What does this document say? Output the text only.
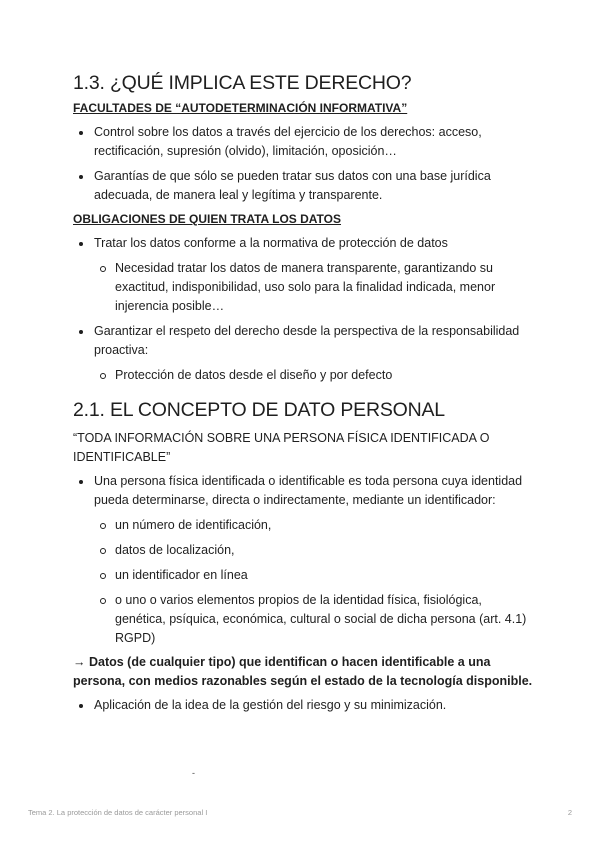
1.3. ¿QUÉ IMPLICA ESTE DERECHO?
FACULTADES DE “AUTODETERMINACIÓN INFORMATIVA”
Control sobre los datos a través del ejercicio de los derechos: acceso, rectificación, supresión (olvido), limitación, oposición…
Garantías de que sólo se pueden tratar sus datos con una base jurídica adecuada, de manera leal y legítima y transparente.
OBLIGACIONES DE QUIEN TRATA LOS DATOS
Tratar los datos conforme a la normativa de protección de datos
Necesidad tratar los datos de manera transparente, garantizando su exactitud, indisponibilidad, uso solo para la finalidad indicada, menor injerencia posible…
Garantizar el respeto del derecho desde la perspectiva de la responsabilidad proactiva:
Protección de datos desde el diseño y por defecto
2.1. EL CONCEPTO DE DATO PERSONAL

“TODA INFORMACIÓN SOBRE UNA PERSONA FÍSICA IDENTIFICADA O IDENTIFICABLE”

Una persona física identificada o identificable es toda persona cuya identidad pueda determinarse, directa o indirectamente, mediante un identificador:
un número de identificación,
datos de localización,
un identificador en línea
o uno o varios elementos propios de la identidad física, fisiológica, genética, psíquica, económica, cultural o social de dicha persona (art. 4.1) RGPD)

→ Datos (de cualquier tipo) que identifican o hacen identificable a una persona, con medios razonables según el estado de la tecnología disponible.

Aplicación de la idea de la gestión del riesgo y su minimización.
-
Tema 2. La protección de datos de carácter personal I	2
